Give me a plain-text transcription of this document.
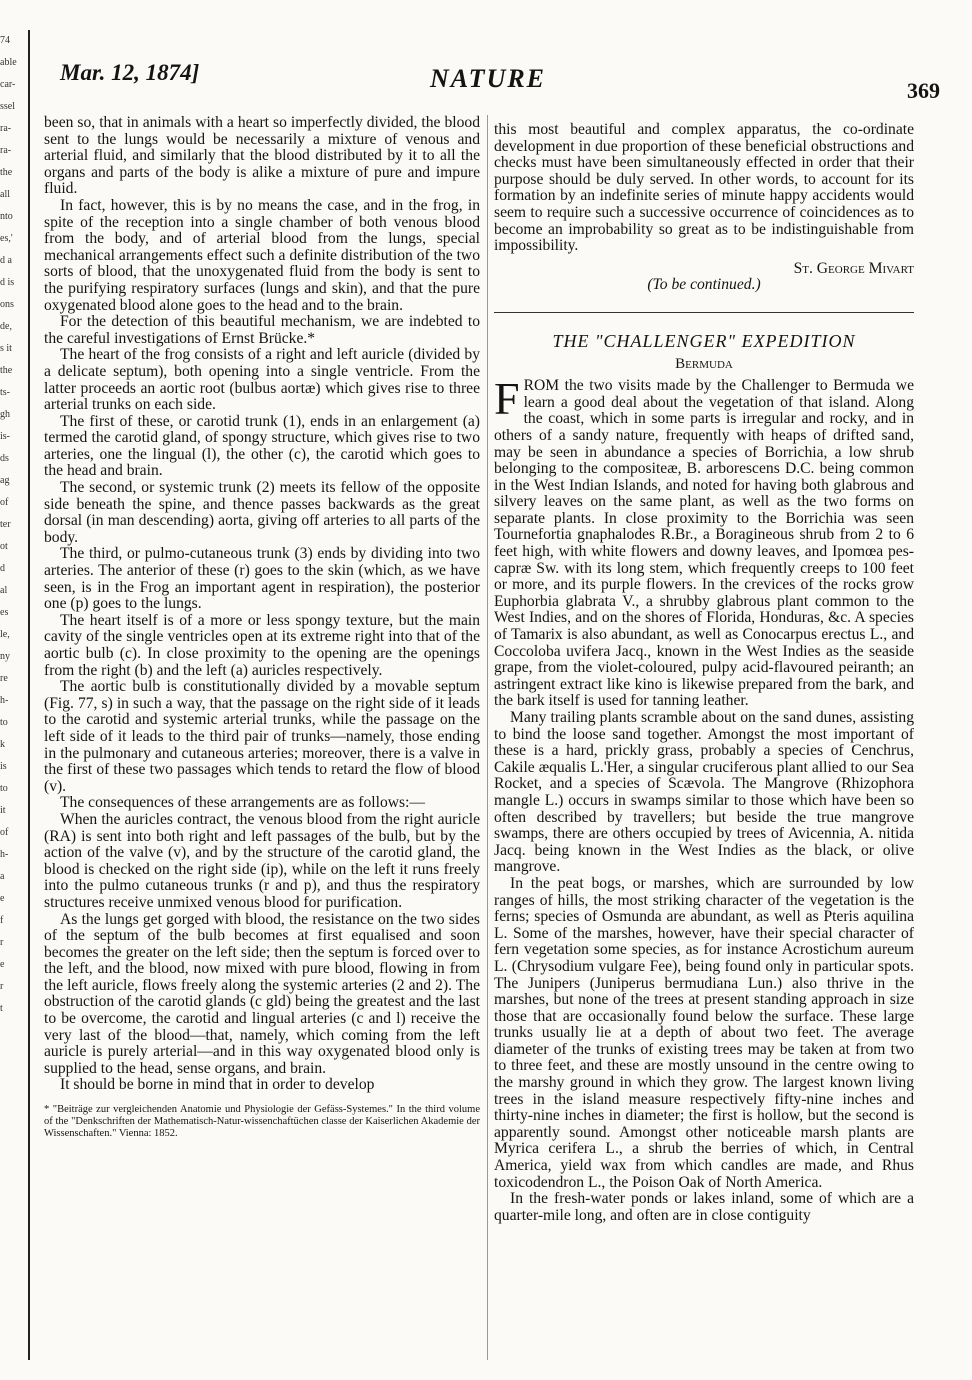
74
able
car-
ssel
ra-
ra-
the
all
nto
es,'
d a
d is
ons
de,
s it
the
ts-
gh
is-
ds
ag
of
ter
ot
d
al
es
le,
ny
re
h-
to
k
is
to
it
of
h-
a
e
f
r
e
r
t
Mar. 12, 1874]	NATURE	369

been so, that in animals with a heart so imperfectly divided, the blood sent to the lungs would be necessarily a mixture of venous and arterial fluid, and similarly that the blood distributed by it to all the organs and parts of the body is alike a mixture of pure and impure fluid.

In fact, however, this is by no means the case, and in the frog, in spite of the reception into a single chamber of both venous blood from the body, and of arterial blood from the lungs, special mechanical arrangements effect such a definite distribution of the two sorts of blood, that the unoxygenated fluid from the body is sent to the purifying respiratory surfaces (lungs and skin), and that the pure oxygenated blood alone goes to the head and to the brain.

For the detection of this beautiful mechanism, we are indebted to the careful investigations of Ernst Brücke.*

The heart of the frog consists of a right and left auricle (divided by a delicate septum), both opening into a single ventricle. From the latter proceeds an aortic root (bulbus aortæ) which gives rise to three arterial trunks on each side.

The first of these, or carotid trunk (1), ends in an enlargement (a) termed the carotid gland, of spongy structure, which gives rise to two arteries, one the lingual (l), the other (c), the carotid which goes to the head and brain.

The second, or systemic trunk (2) meets its fellow of the opposite side beneath the spine, and thence passes backwards as the great dorsal (in man descending) aorta, giving off arteries to all parts of the body.

The third, or pulmo-cutaneous trunk (3) ends by dividing into two arteries. The anterior of these (r) goes to the skin (which, as we have seen, is in the Frog an important agent in respiration), the posterior one (p) goes to the lungs.

The heart itself is of a more or less spongy texture, but the main cavity of the single ventricles open at its extreme right into that of the aortic bulb (c). In close proximity to the opening are the openings from the right (b) and the left (a) auricles respectively.

The aortic bulb is constitutionally divided by a movable septum (Fig. 77, s) in such a way, that the passage on the right side of it leads to the carotid and systemic arterial trunks, while the passage on the left side of it leads to the third pair of trunks—namely, those ending in the pulmonary and cutaneous arteries; moreover, there is a valve in the first of these two passages which tends to retard the flow of blood (v).

The consequences of these arrangements are as follows:—

When the auricles contract, the venous blood from the right auricle (RA) is sent into both right and left passages of the bulb, but by the action of the valve (v), and by the structure of the carotid gland, the blood is checked on the right side (ip), while on the left it runs freely into the pulmo cutaneous trunks (r and p), and thus the respiratory structures receive unmixed venous blood for purification.

As the lungs get gorged with blood, the resistance on the two sides of the septum of the bulb becomes at first equalised and soon becomes the greater on the left side; then the septum is forced over to the left, and the blood, now mixed with pure blood, flowing in from the left auricle, flows freely along the systemic arteries (2 and 2). The obstruction of the carotid glands (c gld) being the greatest and the last to be overcome, the carotid and lingual arteries (c and l) receive the very last of the blood—that, namely, which coming from the left auricle is purely arterial—and in this way oxygenated blood only is supplied to the head, sense organs, and brain.

It should be borne in mind that in order to develop

* "Beiträge zur vergleichenden Anatomie und Physiologie der Gefäss-Systemes." In the third volume of the "Denkschriften der Mathematisch-Natur-wissenchaftüchen classe der Kaiserlichen Akademie der Wissenschaften." Vienna: 1852.

this most beautiful and complex apparatus, the co-ordinate development in due proportion of these beneficial obstructions and checks must have been simultaneously effected in order that their purpose should be duly served. In other words, to account for its formation by an indefinite series of minute happy accidents would seem to require such a successive occurrence of coincidences as to become an improbability so great as to be indistinguishable from impossibility.

St. George Mivart

(To be continued.)

THE "CHALLENGER" EXPEDITION
Bermuda
F ROM the two visits made by the Challenger to Bermuda we learn a good deal about the vegetation of that island. Along the coast, which in some parts is irregular and rocky, and in others of a sandy nature, frequently with heaps of drifted sand, may be seen in abundance a species of Borrichia, a low shrub belonging to the compositeæ, B. arborescens D.C. being common in the West Indian Islands, and noted for having both glabrous and silvery leaves on the same plant, as well as the two forms on separate plants. In close proximity to the Borrichia was seen Tournefortia gnaphalodes R.Br., a Boragineous shrub from 2 to 6 feet high, with white flowers and downy leaves, and Ipomœa pes-capræ Sw. with its long stem, which frequently creeps to 100 feet or more, and its purple flowers. In the crevices of the rocks grow Euphorbia glabrata V., a shrubby glabrous plant common to the West Indies, and on the shores of Florida, Honduras, &c. A species of Tamarix is also abundant, as well as Conocarpus erectus L., and Coccoloba uvifera Jacq., known in the West Indies as the seaside grape, from the violet-coloured, pulpy acid-flavoured peiranth; an astringent extract like kino is likewise prepared from the bark, and the bark itself is used for tanning leather.

Many trailing plants scramble about on the sand dunes, assisting to bind the loose sand together. Amongst the most important of these is a hard, prickly grass, probably a species of Cenchrus, Cakile æqualis L.'Her, a singular cruciferous plant allied to our Sea Rocket, and a species of Scævola. The Mangrove (Rhizophora mangle L.) occurs in swamps similar to those which have been so often described by travellers; but beside the true mangrove swamps, there are others occupied by trees of Avicennia, A. nitida Jacq. being known in the West Indies as the black, or olive mangrove.

In the peat bogs, or marshes, which are surrounded by low ranges of hills, the most striking character of the vegetation is the ferns; species of Osmunda are abundant, as well as Pteris aquilina L. Some of the marshes, however, have their special character of fern vegetation some species, as for instance Acrostichum aureum L. (Chrysodium vulgare Fee), being found only in particular spots. The Junipers (Juniperus bermudiana Lun.) also thrive in the marshes, but none of the trees at present standing approach in size those that are occasionally found below the surface. These large trunks usually lie at a depth of about two feet. The average diameter of the trunks of existing trees may be taken at from two to three feet, and these are mostly unsound in the centre owing to the marshy ground in which they grow. The largest known living trees in the island measure respectively fifty-nine inches and thirty-nine inches in diameter; the first is hollow, but the second is apparently sound. Amongst other noticeable marsh plants are Myrica cerifera L., a shrub the berries of which, in Central America, yield wax from which candles are made, and Rhus toxicodendron L., the Poison Oak of North America.

In the fresh-water ponds or lakes inland, some of which are a quarter-mile long, and often are in close contiguity
